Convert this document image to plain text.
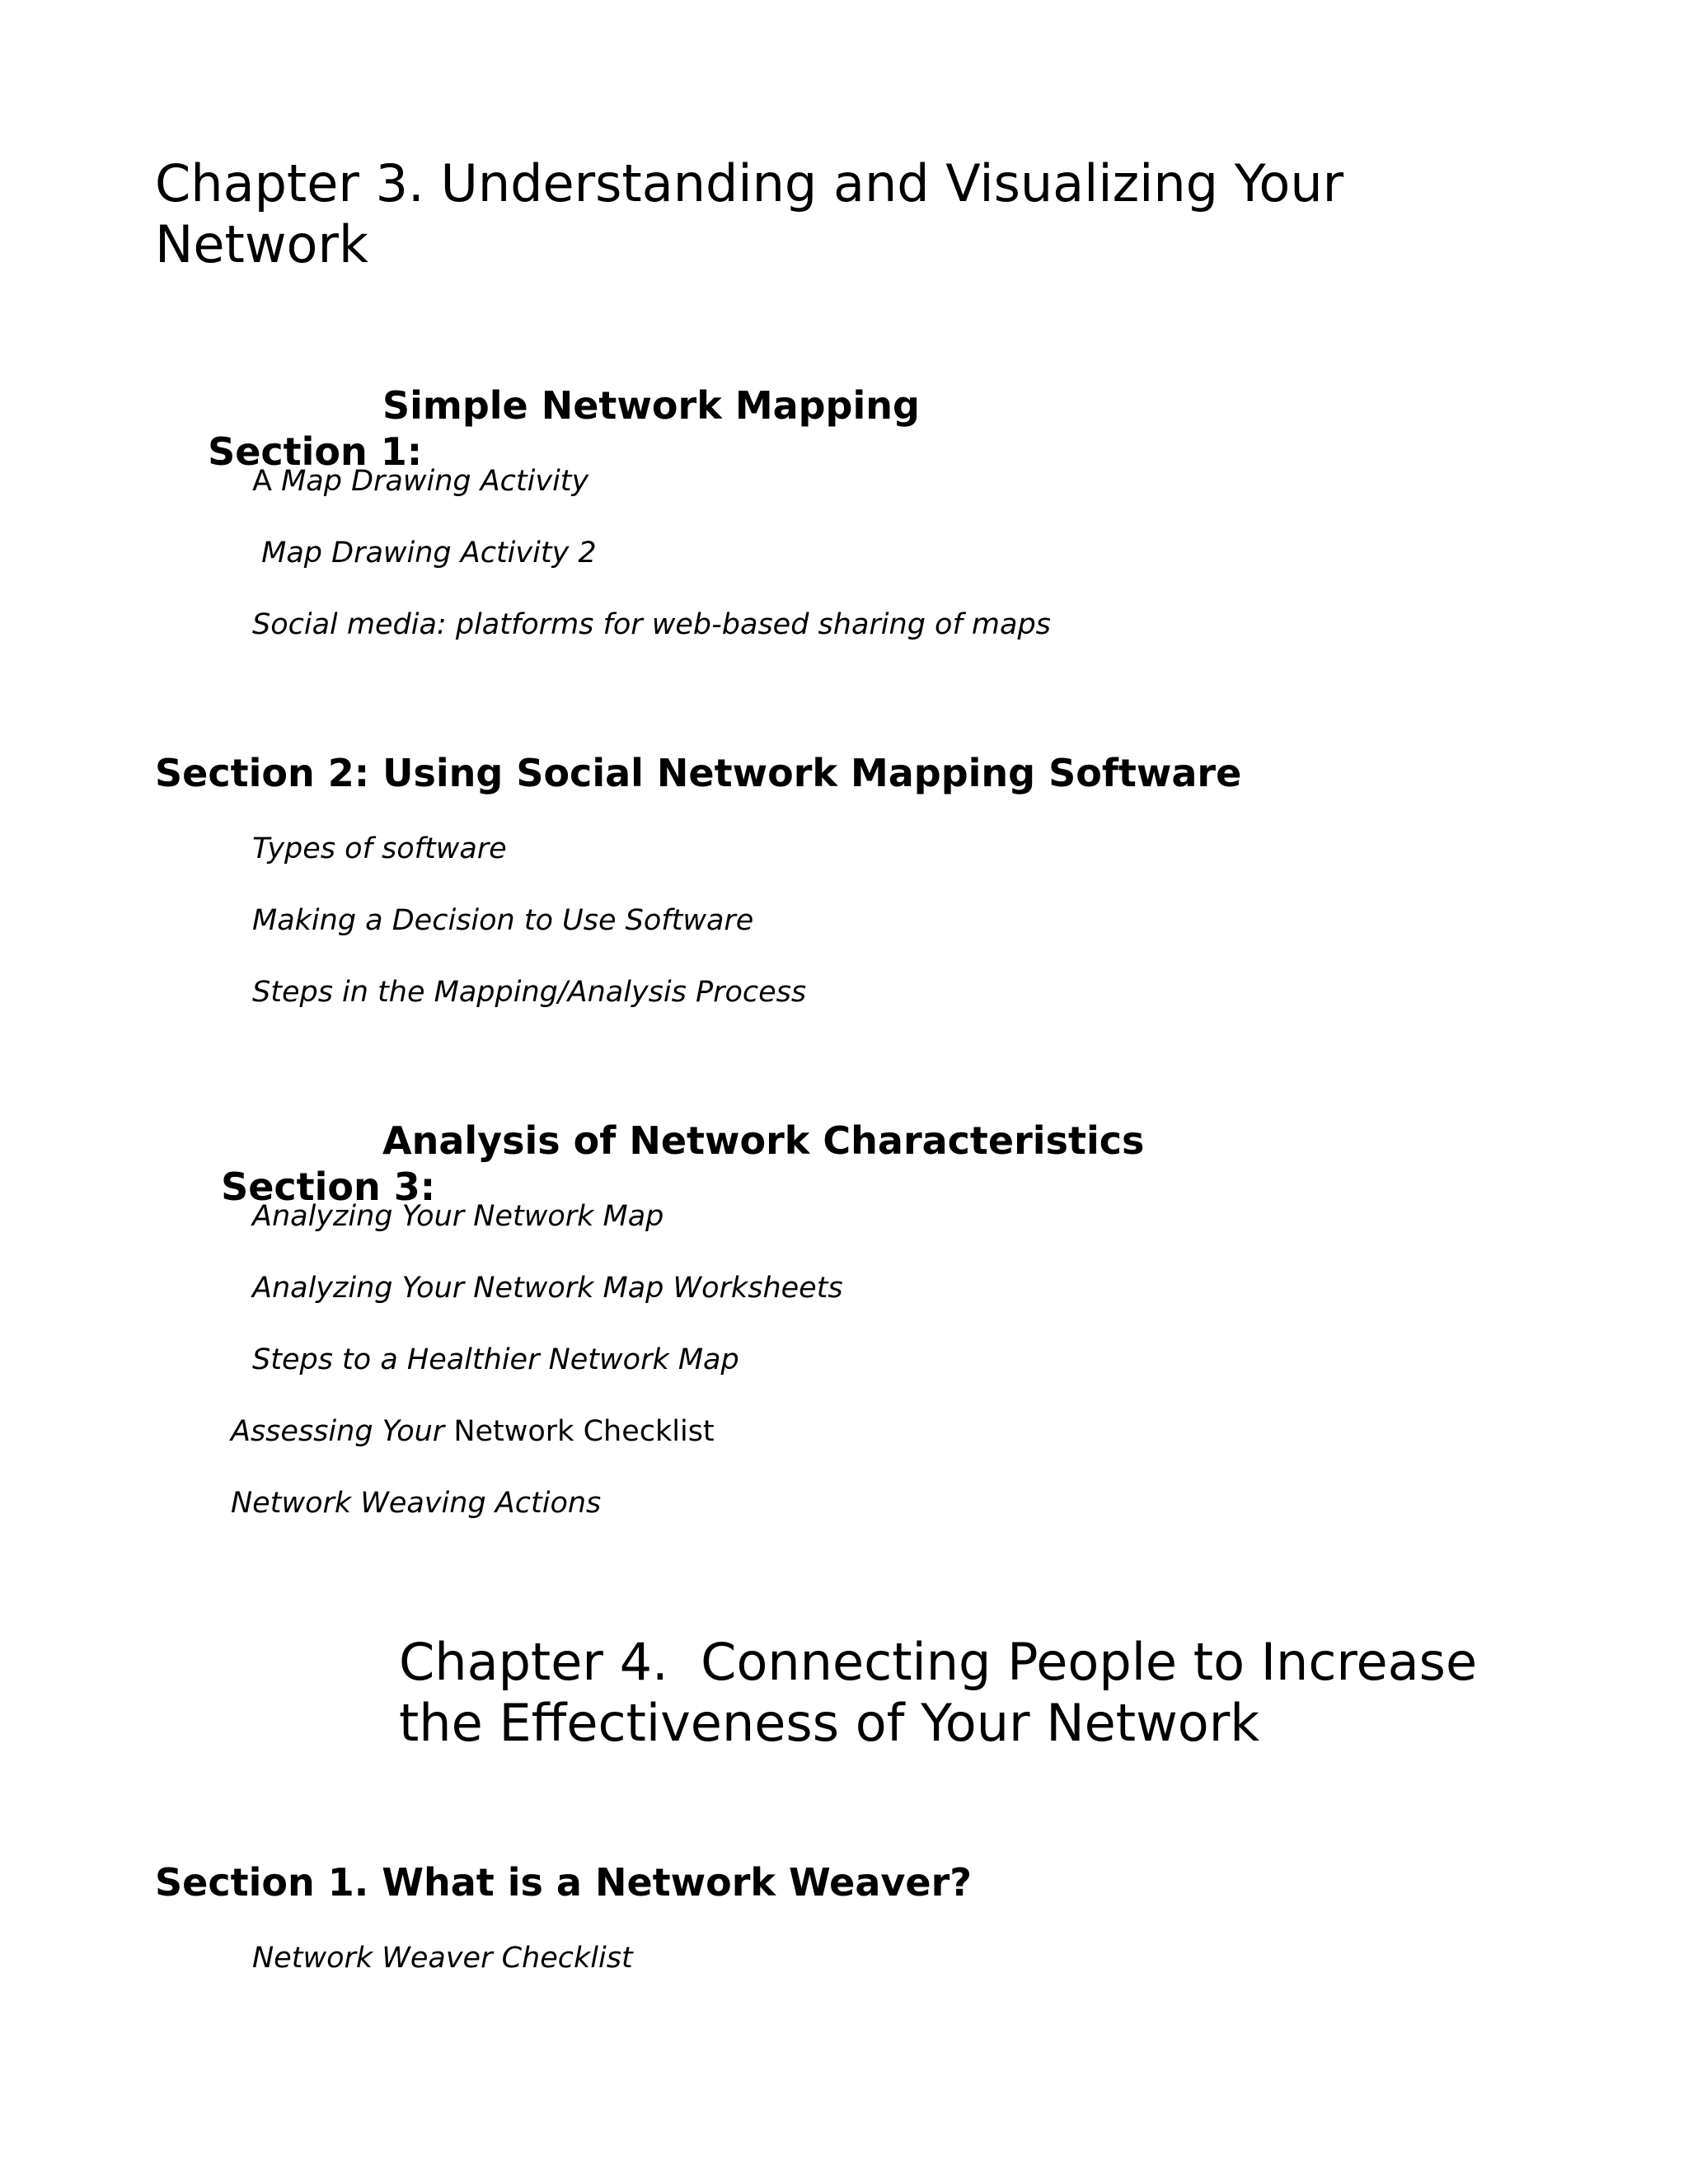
Chapter 3. Understanding and Visualizing Your
Network

Section 1:

Simple Network Mapping

A Map Drawing Activity
Map Drawing Activity 2
Social media: platforms for web-based sharing of maps
Section 2: Using Social Network Mapping Software
Types of software
Making a Decision to Use Software
Steps in the Mapping/Analysis Process

Section 3:

Analysis of Network Characteristics

Analyzing Your Network Map
Analyzing Your Network Map Worksheets
Steps to a Healthier Network Map
Assessing Your Network Checklist
Network Weaving Actions
Chapter 4.  Connecting People to Increase
the Effectiveness of Your Network
Section 1. What is a Network Weaver?
Network Weaver Checklist
